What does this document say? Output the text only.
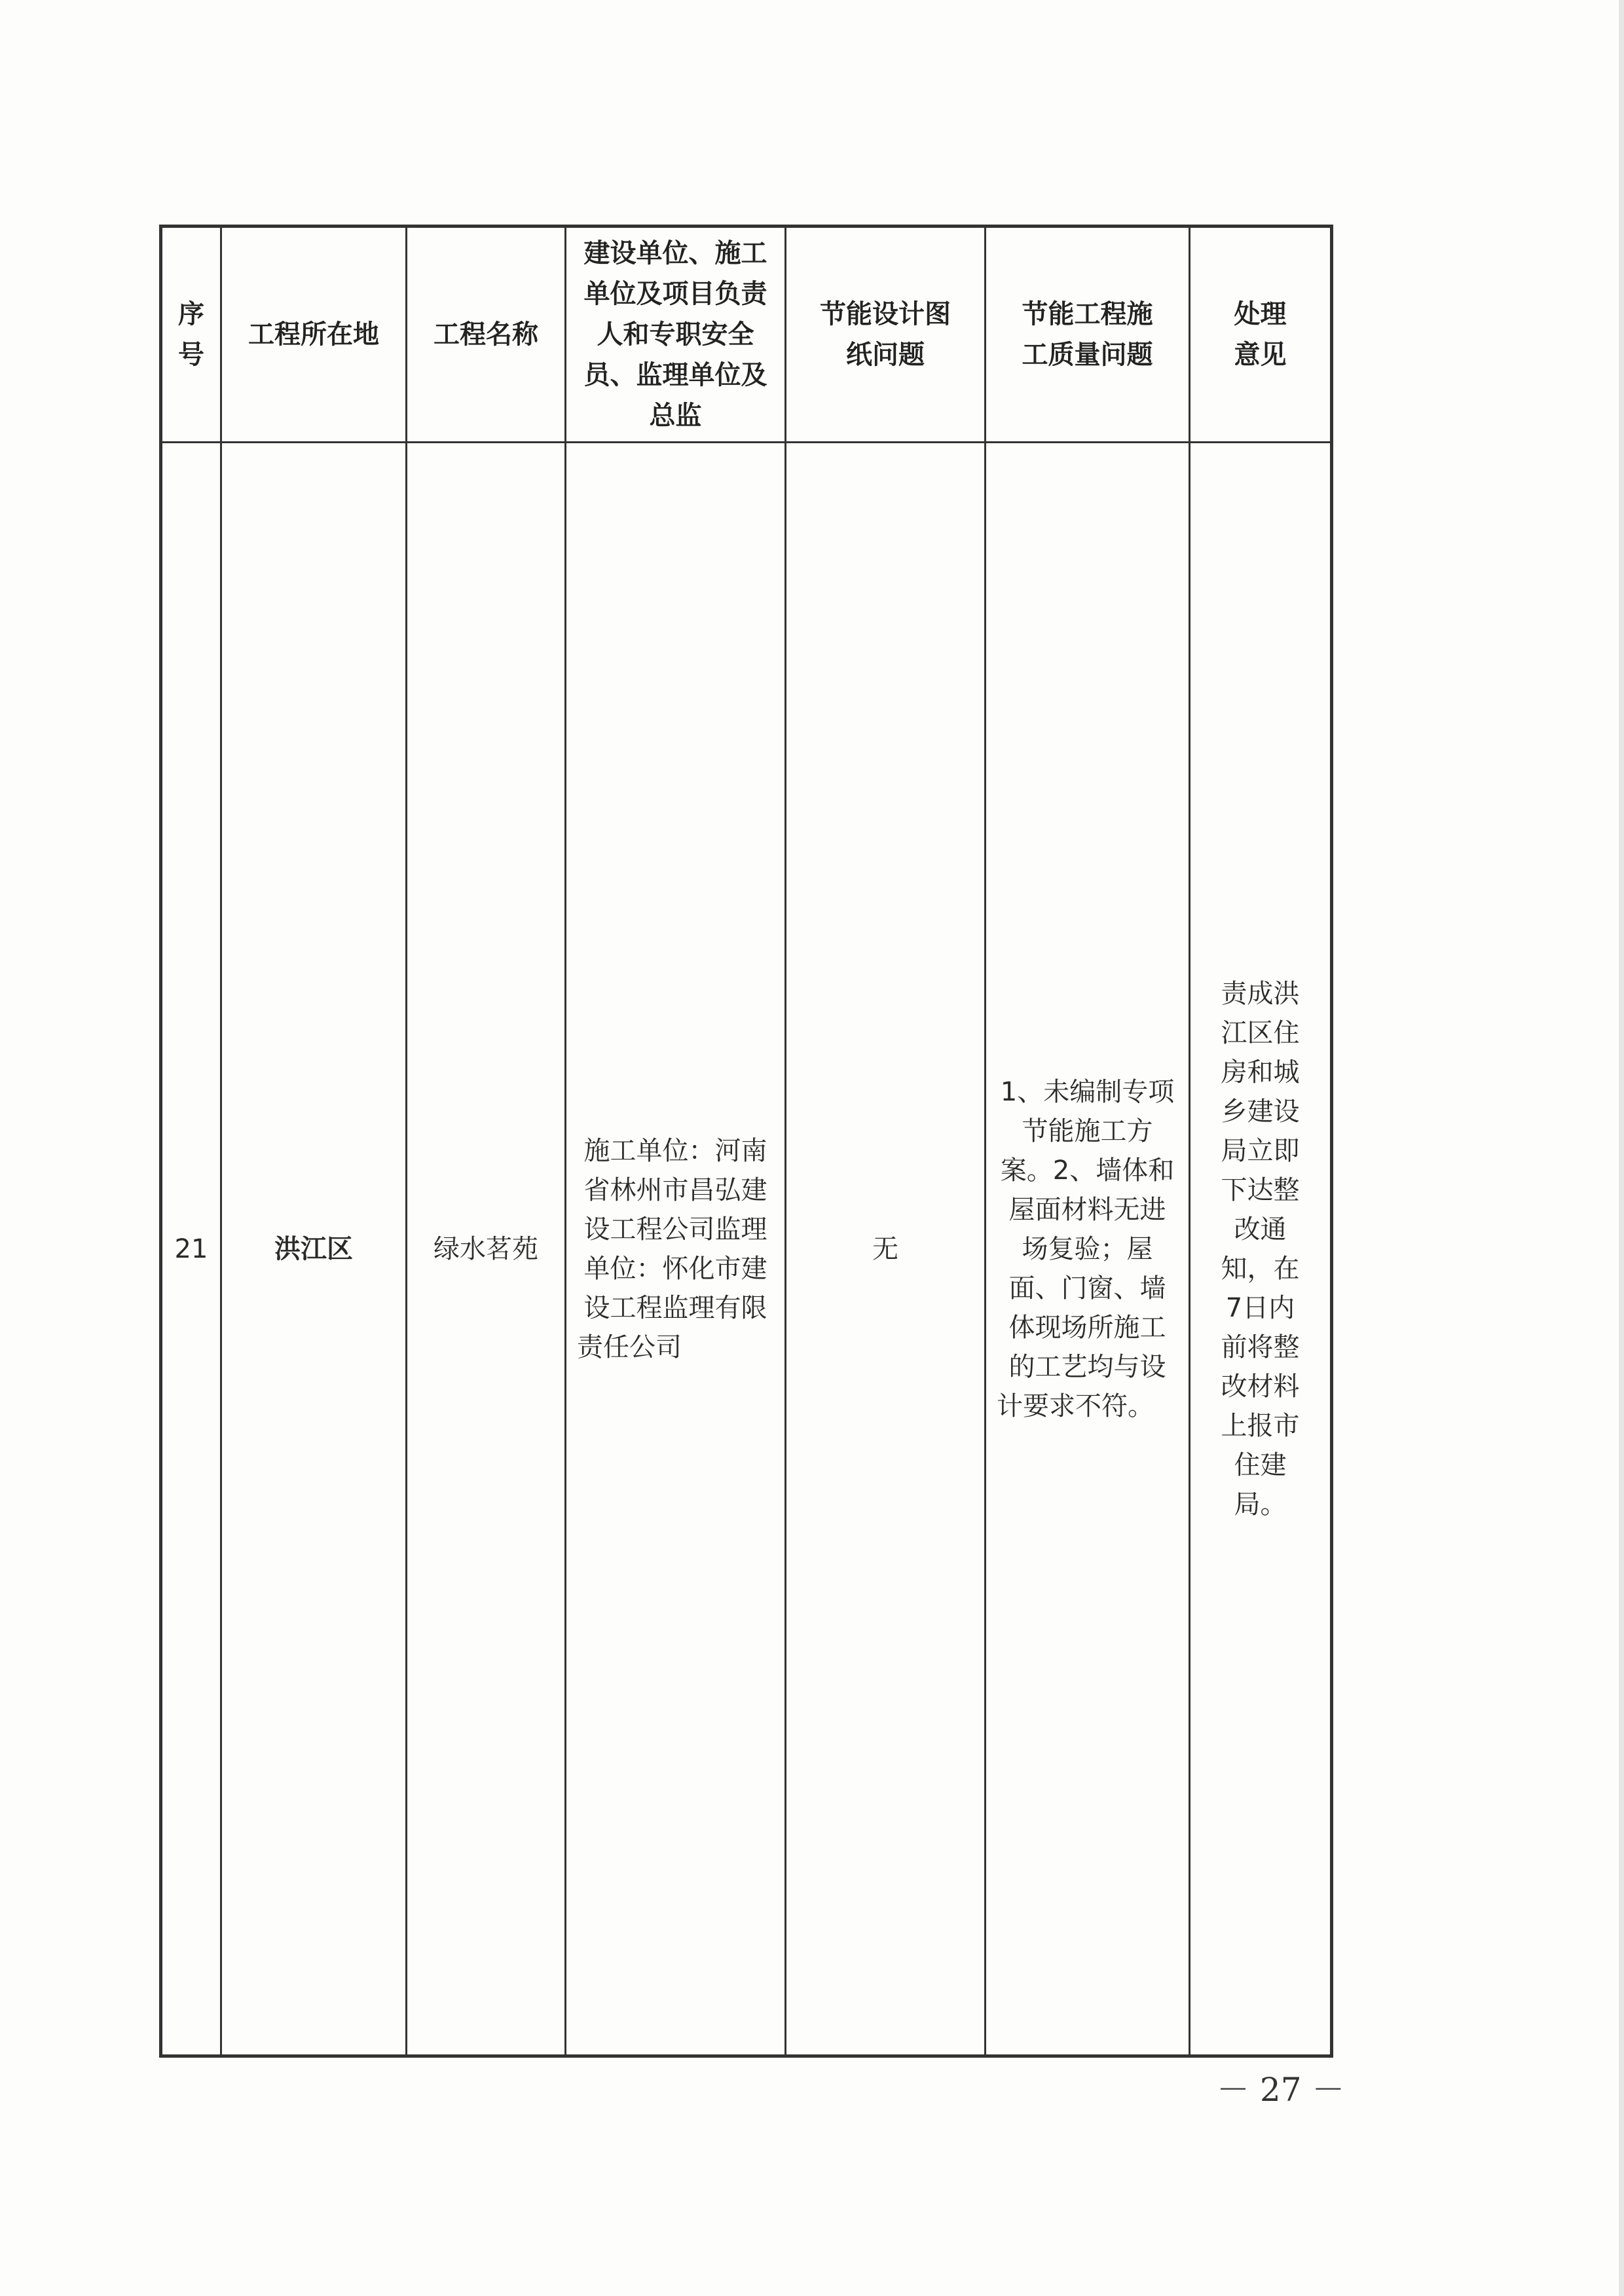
序号	工程所在地	工程名称	建设单位、施工单位及项目负责人和专职安全员、监理单位及总监	节能设计图纸问题	节能工程施工质量问题	处理意见
21	洪江区	绿水茗苑	施工单位：河南省林州市昌弘建设工程公司监理单位：怀化市建设工程监理有限责任公司	无	1、未编制专项节能施工方案。2、墙体和屋面材料无进场复验；屋面、门窗、墙体现场所施工的工艺均与设计要求不符。	责成洪江区住房和城乡建设局立即下达整改通知，在7日内前将整改材料上报市住建局。
－ 27 －
